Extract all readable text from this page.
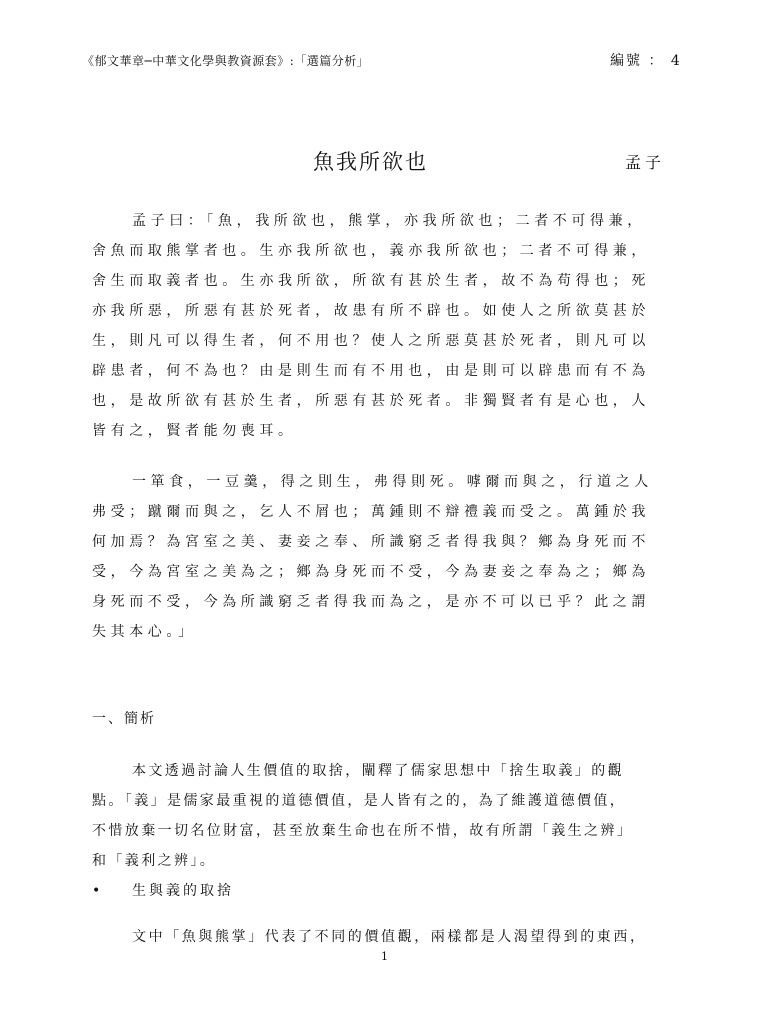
《郁文華章─中華文化學與教資源套》:「選篇分析」	編號 ： 4
魚我所欲也	孟子
孟子曰：「魚，我所欲也，熊掌，亦我所欲也；二者不可得兼，
舍魚而取熊掌者也。生亦我所欲也，義亦我所欲也；二者不可得兼，
舍生而取義者也。生亦我所欲，所欲有甚於生者，故不為苟得也；死
亦我所惡，所惡有甚於死者，故患有所不辟也。如使人之所欲莫甚於
生，則凡可以得生者，何不用也？使人之所惡莫甚於死者，則凡可以
辟患者，何不為也？由是則生而有不用也，由是則可以辟患而有不為
也，是故所欲有甚於生者，所惡有甚於死者。非獨賢者有是心也，人
皆有之，賢者能勿喪耳。
一箪食，一豆羹，得之則生，弗得則死。嘑爾而與之，行道之人
弗受；蹴爾而與之，乞人不屑也；萬鍾則不辯禮義而受之。萬鍾於我
何加焉？為宮室之美、妻妾之奉、所識窮乏者得我與？鄉為身死而不
受，今為宮室之美為之；鄉為身死而不受，今為妻妾之奉為之；鄉為
身死而不受，今為所識窮乏者得我而為之，是亦不可以已乎？此之謂
失其本心。」
一、簡析
本文透過討論人生價值的取捨，闡釋了儒家思想中「捨生取義」的觀
點。「義」是儒家最重視的道德價值，是人皆有之的，為了維護道德價值，
不惜放棄一切名位財富，甚至放棄生命也在所不惜，故有所謂「義生之辨」
和「義利之辨」。
• 生與義的取捨
文中「魚與熊掌」代表了不同的價值觀，兩樣都是人渴望得到的東西，
1
